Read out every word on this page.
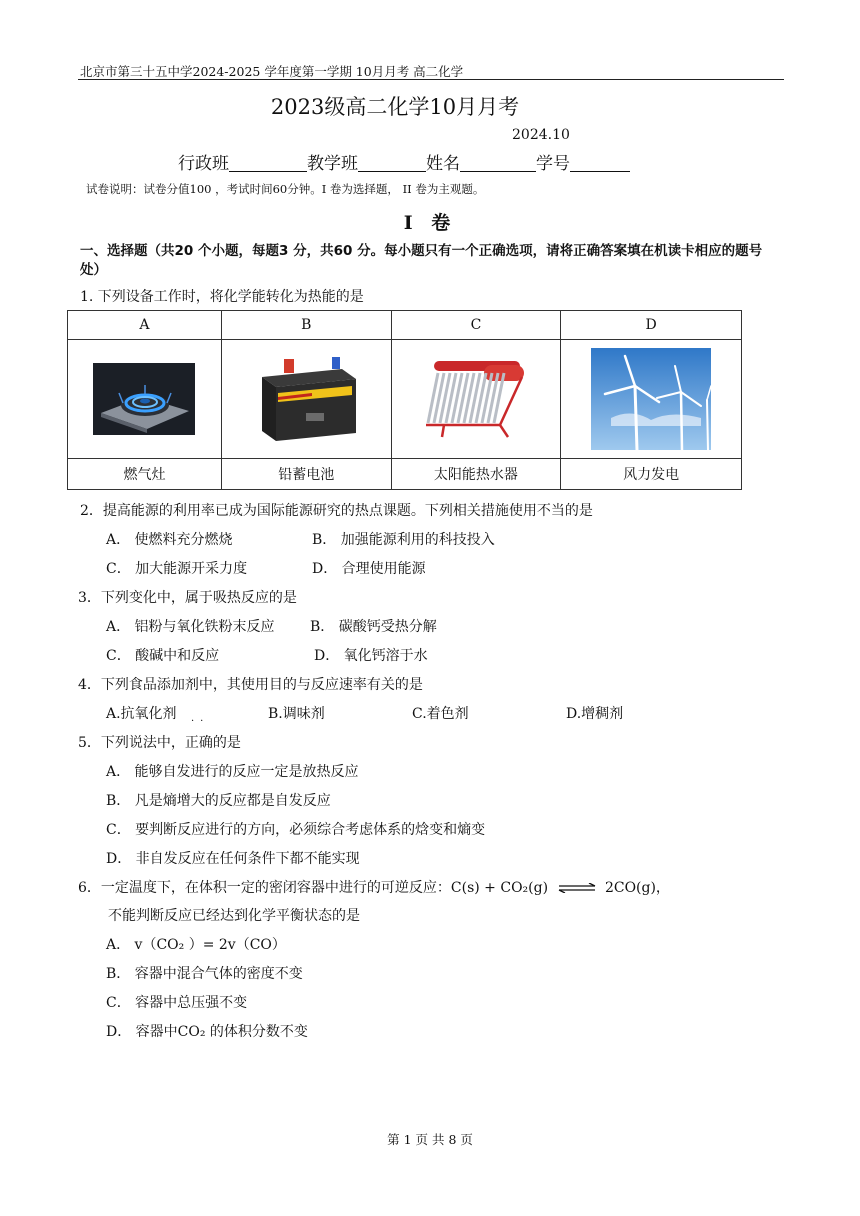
北京市第三十五中学2024-2025 学年度第一学期 10月月考 高二化学
2023级高二化学10月月考
2024.10
行政班	教学班	姓名	学号
试卷说明：试卷分值100 ，考试时间60分钟。I 卷为选择题， II 卷为主观题。
I 卷
一、选择题（共20 个小题，每题3 分，共60 分。每小题只有一个正确选项，请将正确答案填在机读卡相应的题号处）
1. 下列设备工作时，将化学能转化为热能的是
A	B	C	D

燃气灶	铅蓄电池	太阳能热水器	风力发电
2．提高能源的利用率已成为国际能源研究的热点课题。下列相关措施使用不当的是
A． 使燃料充分燃烧	B． 加强能源利用的科技投入
C． 加大能源开采力度	D． 合理使用能源
3．下列变化中，属于吸热反应的是
A． 铝粉与氧化铁粉末反应	B． 碳酸钙受热分解
C． 酸碱中和反应	D． 氧化钙溶于水
4．下列食品添加剂中，其使用目的与反应速率有关的是
A.抗氧化剂	B.调味剂	C.着色剂	D.增稠剂
··
5．下列说法中，正确的是
A． 能够自发进行的反应一定是放热反应
B． 凡是熵增大的反应都是自发反应
C． 要判断反应进行的方向，必须综合考虑体系的焓变和熵变
D． 非自发反应在任何条件下都不能实现
6．一定温度下，在体积一定的密闭容器中进行的可逆反应：C(s) + CO₂(g) ⇌ 2CO(g)，
不能判断反应已经达到化学平衡状态的是
A． v（CO₂ ）= 2v（CO）
B． 容器中混合气体的密度不变
C． 容器中总压强不变
D． 容器中CO₂ 的体积分数不变
第 1 页 共 8 页
